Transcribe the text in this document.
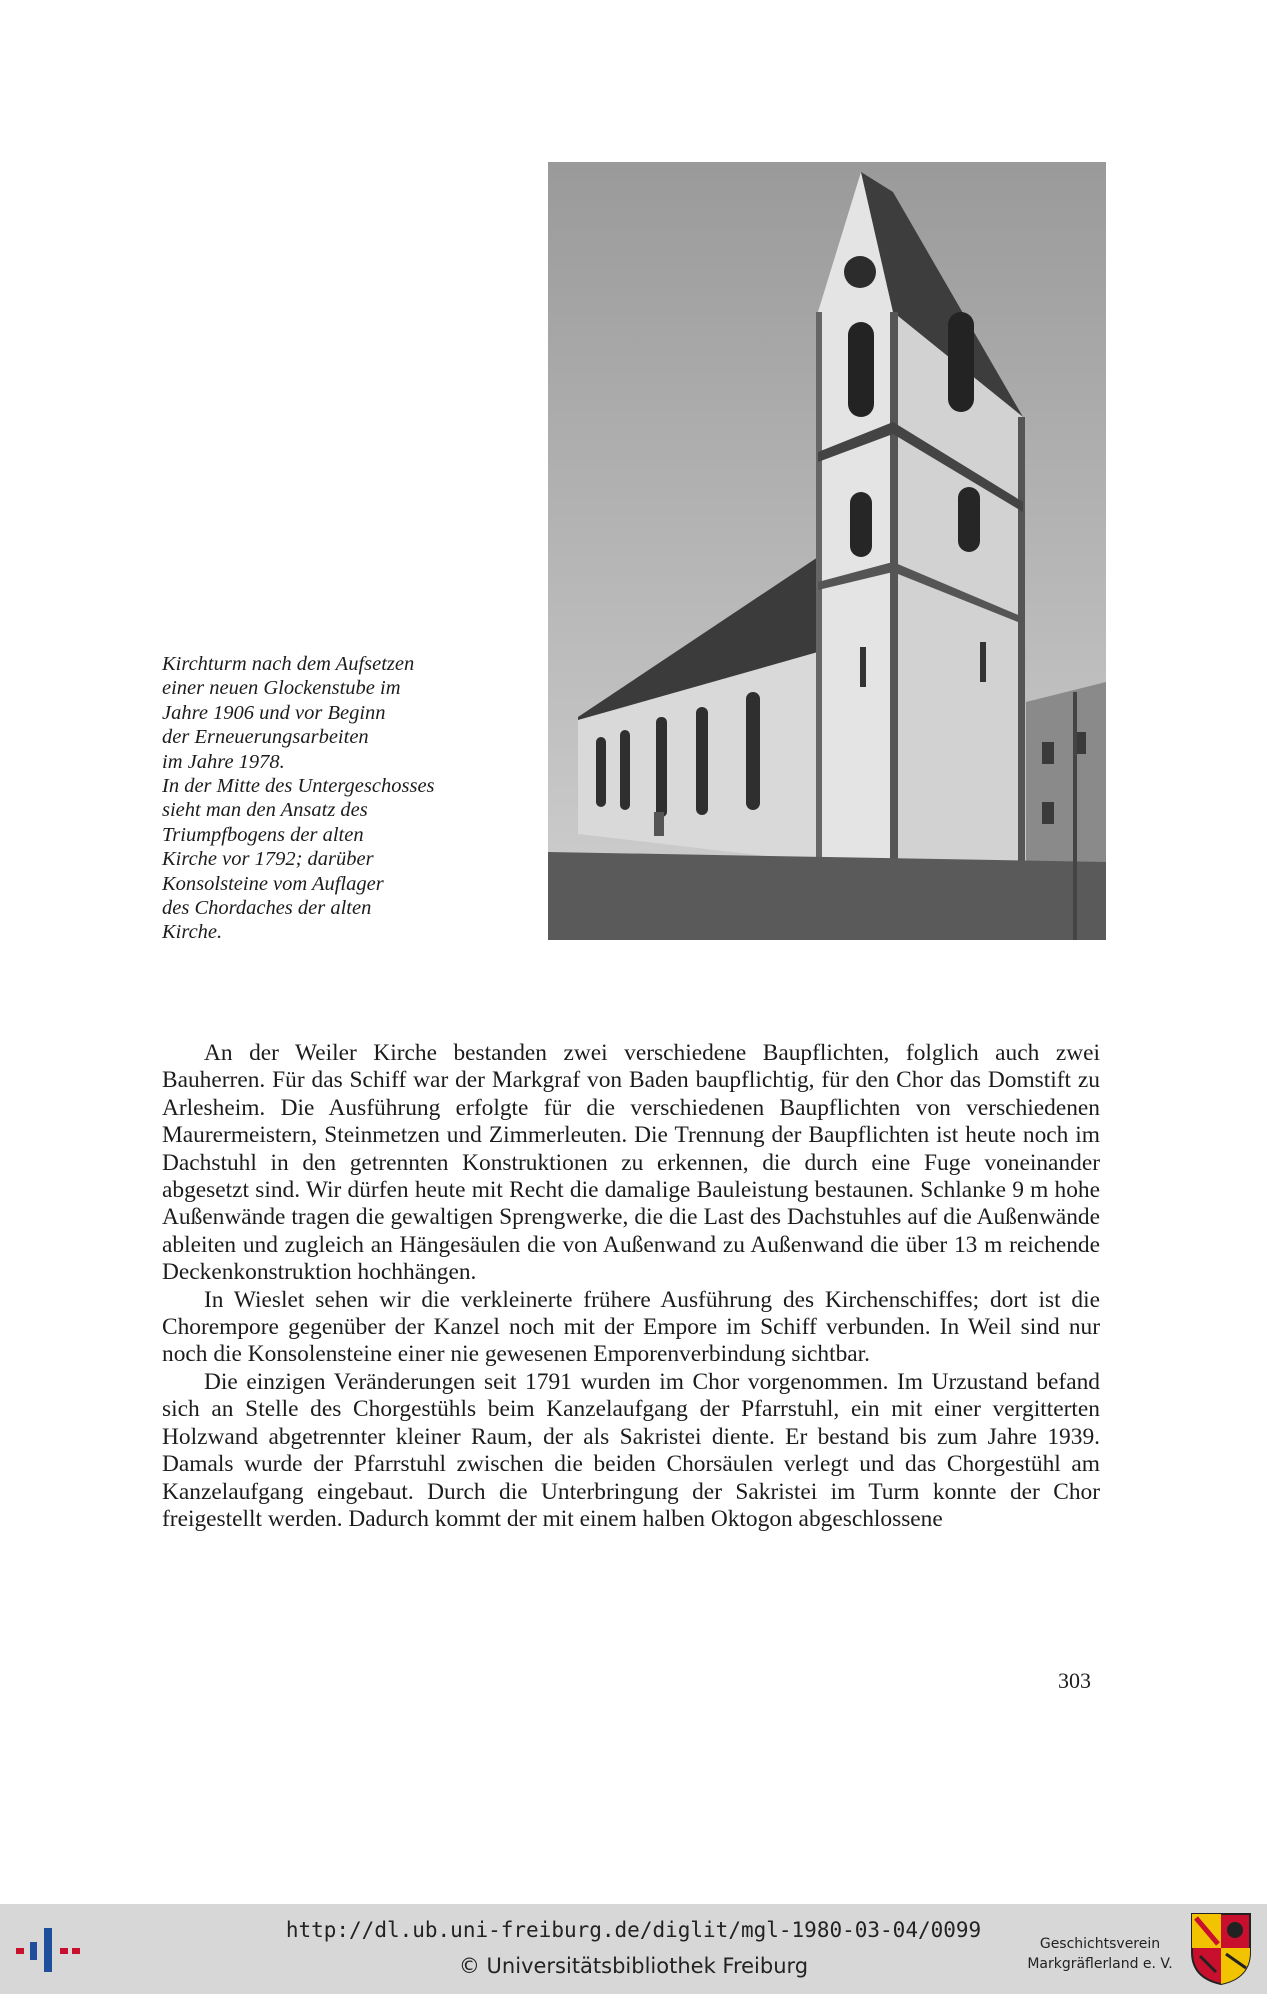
Kirchturm nach dem Aufsetzen
einer neuen Glockenstube im
Jahre 1906 und vor Beginn
der Erneuerungsarbeiten
im Jahre 1978.
In der Mitte des Untergeschosses
sieht man den Ansatz des
Triumpfbogens der alten
Kirche vor 1792; darüber
Konsolsteine vom Auflager
des Chordaches der alten
Kirche.

An der Weiler Kirche bestanden zwei verschiedene Baupflichten, folglich auch zwei Bauherren. Für das Schiff war der Markgraf von Baden baupflichtig, für den Chor das Domstift zu Arlesheim. Die Ausführung erfolgte für die verschiedenen Baupflichten von verschiedenen Maurermeistern, Steinmetzen und Zimmerleuten. Die Trennung der Baupflichten ist heute noch im Dachstuhl in den getrennten Konstruktionen zu erkennen, die durch eine Fuge voneinander abgesetzt sind. Wir dürfen heute mit Recht die damalige Bauleistung bestaunen. Schlanke 9 m hohe Außenwände tragen die gewaltigen Sprengwerke, die die Last des Dachstuhles auf die Außenwände ableiten und zugleich an Hängesäulen die von Außenwand zu Außenwand die über 13 m reichende Deckenkonstruktion hochhängen.

In Wieslet sehen wir die verkleinerte frühere Ausführung des Kirchenschiffes; dort ist die Chorempore gegenüber der Kanzel noch mit der Empore im Schiff verbunden. In Weil sind nur noch die Konsolensteine einer nie gewesenen Emporenverbindung sichtbar.

Die einzigen Veränderungen seit 1791 wurden im Chor vorgenommen. Im Urzustand befand sich an Stelle des Chorgestühls beim Kanzelaufgang der Pfarrstuhl, ein mit einer vergitterten Holzwand abgetrennter kleiner Raum, der als Sakristei diente. Er bestand bis zum Jahre 1939. Damals wurde der Pfarrstuhl zwischen die beiden Chorsäulen verlegt und das Chorgestühl am Kanzelaufgang eingebaut. Durch die Unterbringung der Sakristei im Turm konnte der Chor freigestellt werden. Dadurch kommt der mit einem halben Oktogon abgeschlossene

303
http://dl.ub.uni-freiburg.de/diglit/mgl-1980-03-04/0099
© Universitätsbibliothek Freiburg
Geschichtsverein
Markgräflerland e. V.
